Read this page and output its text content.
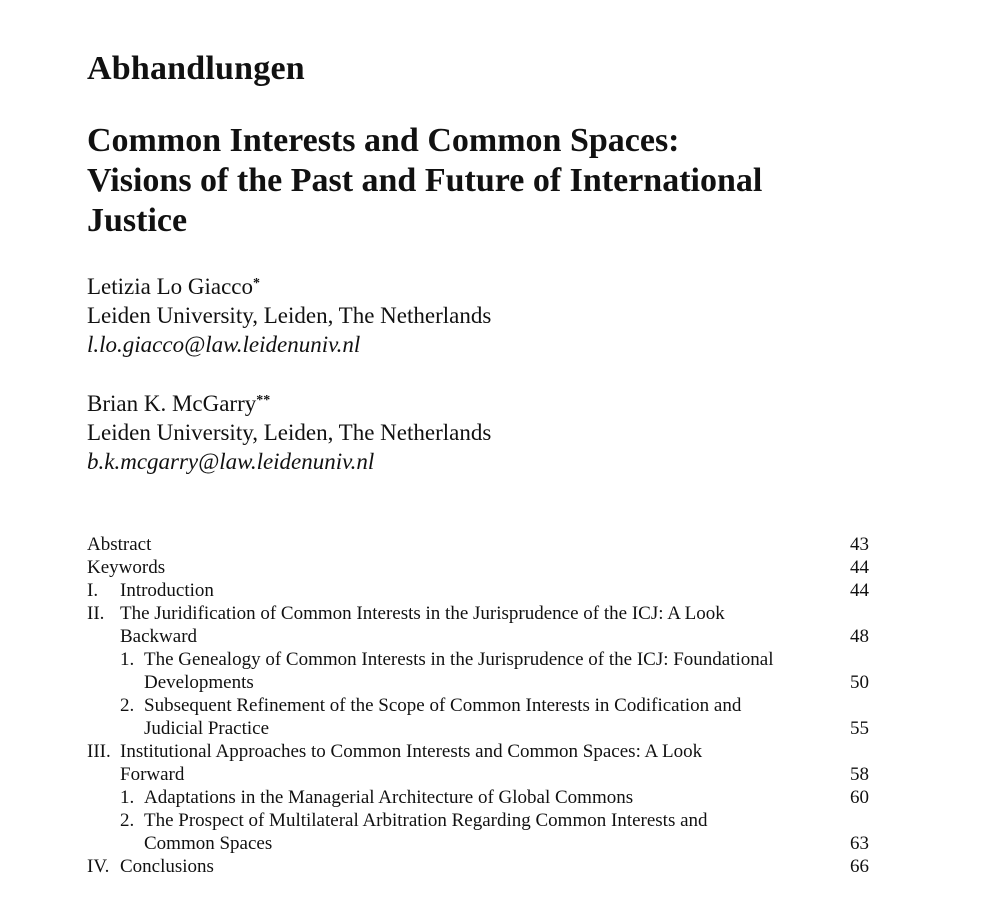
Abhandlungen
Common Interests and Common Spaces:
Visions of the Past and Future of International
Justice
Letizia Lo Giacco*
Leiden University, Leiden, The Netherlands
l.lo.giacco@law.leidenuniv.nl
Brian K. McGarry**
Leiden University, Leiden, The Netherlands
b.k.mcgarry@law.leidenuniv.nl
Abstract	43
Keywords	44
I.	Introduction	44
II. The Juridification of Common Interests in the Jurisprudence of the ICJ: A Look
Backward	48
1. The Genealogy of Common Interests in the Jurisprudence of the ICJ: Foundational
Developments	50
2. Subsequent Refinement of the Scope of Common Interests in Codification and
Judicial Practice	55
III. Institutional Approaches to Common Interests and Common Spaces: A Look
Forward	58
1. Adaptations in the Managerial Architecture of Global Commons	60
2. The Prospect of Multilateral Arbitration Regarding Common Interests and
Common Spaces	63
IV. Conclusions	66
